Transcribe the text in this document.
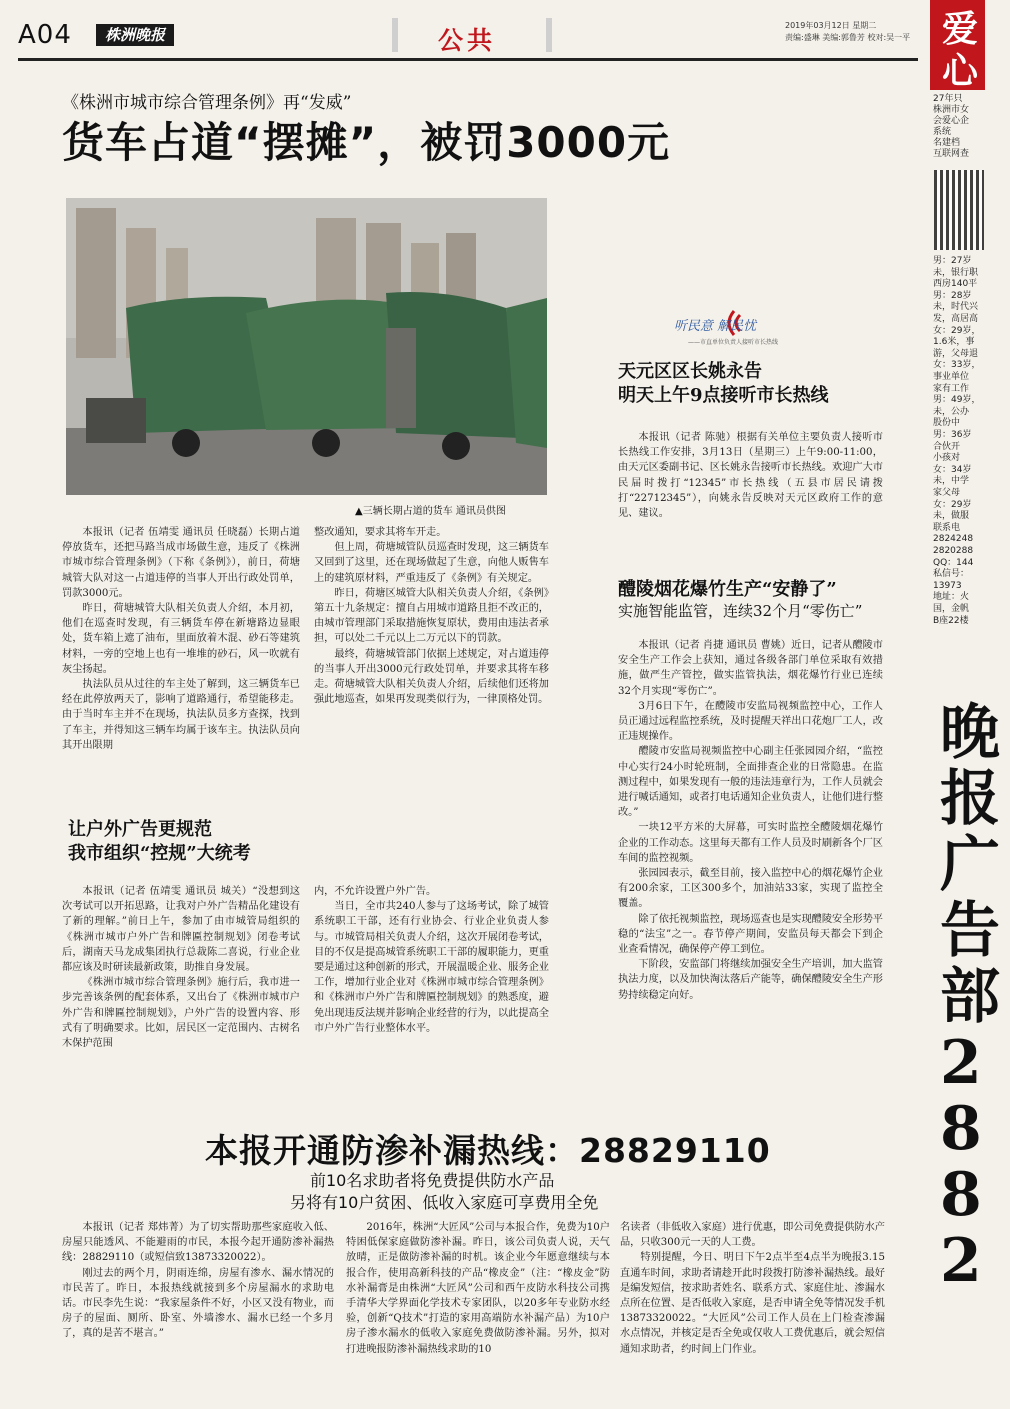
A04	株洲晚报	公共
2019年03月12日 星期二
责编:盛琳 美编:郭鲁芳 校对:吴一平
《株洲市城市综合管理条例》再“发威”
货车占道“摆摊”，被罚3000元
▲三辆长期占道的货车 通讯员供图

本报讯（记者 伍靖雯 通讯员 任晓磊）长期占道停放货车，还把马路当成市场做生意，违反了《株洲市城市综合管理条例》（下称《条例》），前日，荷塘城管大队对这一占道违停的当事人开出行政处罚单，罚款3000元。

昨日，荷塘城管大队相关负责人介绍，本月初，他们在巡查时发现，有三辆货车停在新塘路边显眼处，货车箱上遮了油布，里面放着木混、砂石等建筑材料，一旁的空地上也有一堆堆的砂石，风一吹就有灰尘扬起。

执法队员从过往的车主处了解到，这三辆货车已经在此停放两天了，影响了道路通行，希望能移走。由于当时车主并不在现场，执法队员多方查探，找到了车主，并得知这三辆车均属于该车主。执法队员向其开出限期

整改通知，要求其将车开走。

但上周，荷塘城管队员巡查时发现，这三辆货车又回到了这里，还在现场做起了生意，向他人贩售车上的建筑原材料，严重违反了《条例》有关规定。

昨日，荷塘区城管大队相关负责人介绍，《条例》第五十九条规定：擅自占用城市道路且拒不改正的，由城市管理部门采取措施恢复原状，费用由违法者承担，可以处二千元以上二万元以下的罚款。

最终，荷塘城管部门依据上述规定，对占道违停的当事人开出3000元行政处罚单，并要求其将车移走。荷塘城管大队相关负责人介绍，后续他们还将加强此地巡查，如果再发现类似行为，一律顶格处罚。

听民意 解民忧
——市直单位负责人接听市长热线
天元区区长姚永告
明天上午9点接听市长热线

本报讯（记者 陈驰）根据有关单位主要负责人接听市长热线工作安排，3月13日（星期三）上午9:00-11:00，由天元区委副书记、区长姚永告接听市长热线。欢迎广大市民届时拨打“12345”市长热线（五县市居民请拨打“22712345”），向姚永告反映对天元区政府工作的意见、建议。

醴陵烟花爆竹生产“安静了”
实施智能监管，连续32个月“零伤亡”

本报讯（记者 肖捷 通讯员 曹姚）近日，记者从醴陵市安全生产工作会上获知，通过各级各部门单位采取有效措施，做严生产管控，做实监管执法，烟花爆竹行业已连续32个月实现“零伤亡”。

3月6日下午，在醴陵市安监局视频监控中心，工作人员正通过远程监控系统，及时提醒天祥出口花炮厂工人，改正违规操作。

醴陵市安监局视频监控中心副主任张园园介绍，“监控中心实行24小时轮班制，全面排查企业的日常隐患。在监测过程中，如果发现有一般的违法违章行为，工作人员就会进行喊话通知，或者打电话通知企业负责人，让他们进行整改。”

一块12平方米的大屏幕，可实时监控全醴陵烟花爆竹企业的工作动态。这里每天都有工作人员及时刷新各个厂区车间的监控视频。

张园园表示，截至目前，接入监控中心的烟花爆竹企业有200余家，工区300多个，加油站33家，实现了监控全覆盖。

除了依托视频监控，现场巡查也是实现醴陵安全形势平稳的“法宝”之一。春节停产期间，安监员每天都会下到企业查看情况，确保停产停工到位。

下阶段，安监部门将继续加强安全生产培训，加大监管执法力度，以及加快淘汰落后产能等，确保醴陵安全生产形势持续稳定向好。

让户外广告更规范
我市组织“控规”大统考

本报讯（记者 伍靖雯 通讯员 城关）“没想到这次考试可以开拓思路，让我对户外广告精品化建设有了新的理解。”前日上午，参加了由市城管局组织的《株洲市城市户外广告和牌匾控制规划》闭卷考试后，湖南天马龙成集团执行总裁陈二喜说，行业企业都应该及时研读最新政策，助推自身发展。

《株洲市城市综合管理条例》施行后，我市进一步完善该条例的配套体系，又出台了《株洲市城市户外广告和牌匾控制规划》，户外广告的设置内容、形式有了明确要求。比如，居民区一定范围内、古树名木保护范围

内，不允许设置户外广告。

当日，全市共240人参与了这场考试，除了城管系统职工干部，还有行业协会、行业企业负责人参与。市城管局相关负责人介绍，这次开展闭卷考试，目的不仅是提高城管系统职工干部的履职能力，更重要是通过这种创新的形式，开展温暖企业、服务企业工作，增加行业企业对《株洲市城市综合管理条例》和《株洲市户外广告和牌匾控制规划》的熟悉度，避免出现违反法规并影响企业经营的行为，以此提高全市户外广告行业整体水平。

本报开通防渗补漏热线：28829110
前10名求助者将免费提供防水产品
另将有10户贫困、低收入家庭可享费用全免

本报讯（记者 郑炜菁）为了切实帮助那些家庭收入低、房屋只能透风、不能避雨的市民，本报今起开通防渗补漏热线：28829110（或短信致13873320022）。

刚过去的两个月，阴雨连绵，房屋有渗水、漏水情况的市民苦了。昨日，本报热线就接到多个房屋漏水的求助电话。市民李先生说：“我家屋条件不好，小区又没有物业，而房子的屋面、厕所、卧室、外墙渗水、漏水已经一个多月了，真的是苦不堪言。”

2016年，株洲“大匠风”公司与本报合作，免费为10户特困低保家庭做防渗补漏。昨日，该公司负责人说，天气放晴，正是做防渗补漏的时机。该企业今年愿意继续与本报合作，使用高新科技的产品“橡皮金”（注：“橡皮金”防水补漏膏是由株洲“大匠风”公司和西午皮防水科技公司携手清华大学界面化学技术专家团队，以20多年专业防水经验，创新“Q技术”打造的家用高端防水补漏产品）为10户房子渗水漏水的低收入家庭免费做防渗补漏。另外，拟对打进晚报防渗补漏热线求助的10

名读者（非低收入家庭）进行优惠，即公司免费提供防水产品，只收300元一天的人工费。

特别提醒，今日、明日下午2点半至4点半为晚报3.15直通车时间，求助者请趁开此时段拨打防渗补漏热线。最好是编发短信，按求助者姓名、联系方式、家庭住址、渗漏水点所在位置、是否低收入家庭，是否申请全免等情况发手机13873320022。“大匠风”公司工作人员在上门检查渗漏水点情况，并核定是否全免或仅收人工费优惠后，就会短信通知求助者，约时间上门作业。

爱心
27年只
株洲市女
会爱心企
系统
名建档
互联网查
男：27岁
未，银行职
西房140平
男：28岁
未，时代兴
发，高居高
女：29岁，
1.6米，事
游，父母退
女：33岁，
事业单位
家有工作
男：49岁，
未，公办
股份中
男：36岁
合伙开
小孩对
女：34岁
未，中学
家父母
女：29岁
未，做服
联系电
2824248
2820288
QQ：144
私信号：
13973
地址：火
国，金帆
B座22楼
晚报广告部2882
